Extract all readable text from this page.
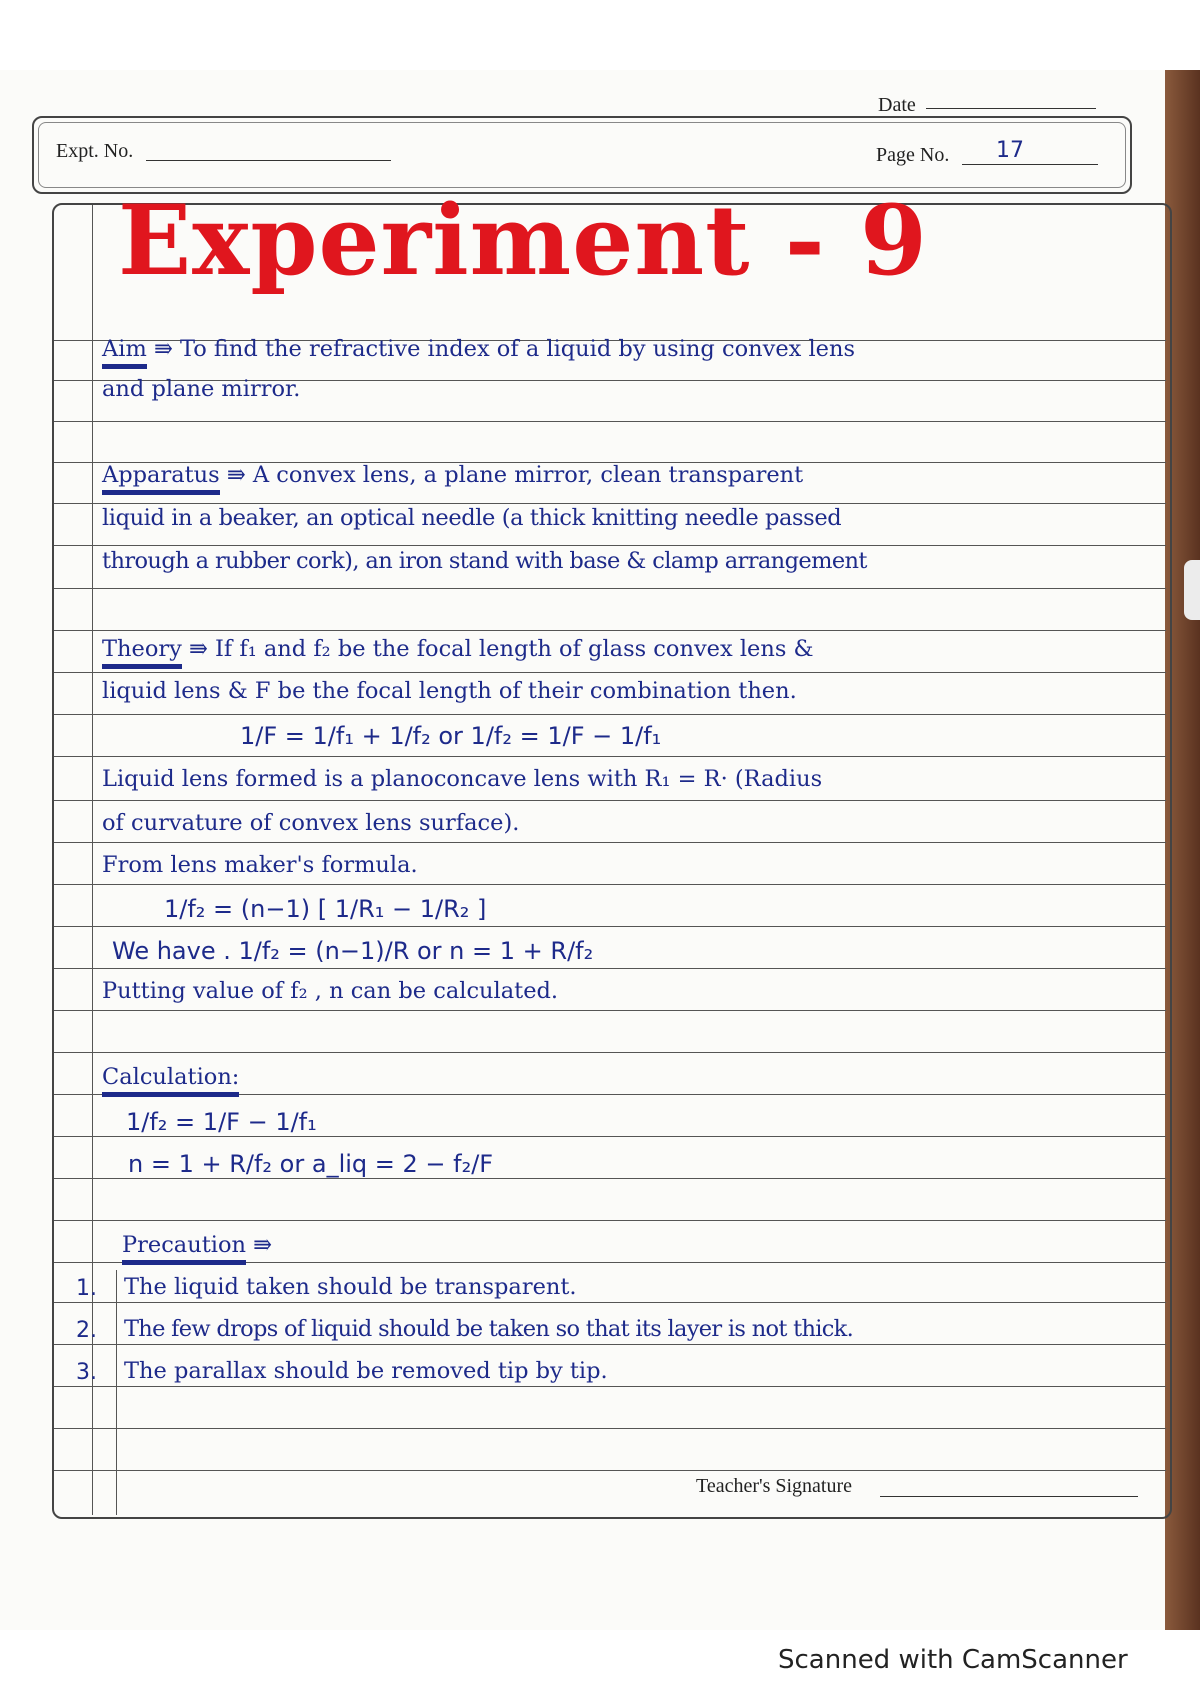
Date
Expt. No.	Page No. 17
Experiment - 9
Aim ⇛ To find the refractive index of a liquid by using convex lens
and plane mirror.
Apparatus ⇛ A convex lens, a plane mirror, clean transparent
liquid in a beaker, an optical needle (a thick knitting needle passed
through a rubber cork), an iron stand with base & clamp arrangement
Theory ⇛ If f₁ and f₂ be the focal length of glass convex lens &
liquid lens & F be the focal length of their combination then.
1/F = 1/f₁ + 1/f₂ or 1/f₂ = 1/F − 1/f₁
Liquid lens formed is a planoconcave lens with R₁ = R· (Radius
of curvature of convex lens surface).
From lens maker's formula.
1/f₂ = (n−1) [ 1/R₁ − 1/R₂ ]
We have . 1/f₂ = (n−1)/R or n = 1 + R/f₂
Putting value of f₂ , n can be calculated.
Calculation:
1/f₂ = 1/F − 1/f₁
n = 1 + R/f₂ or a_liq = 2 − f₂/F
Precaution ⇛
1. The liquid taken should be transparent.
2. The few drops of liquid should be taken so that its layer is not thick.
3. The parallax should be removed tip by tip.
Teacher's Signature
Scanned with CamScanner
